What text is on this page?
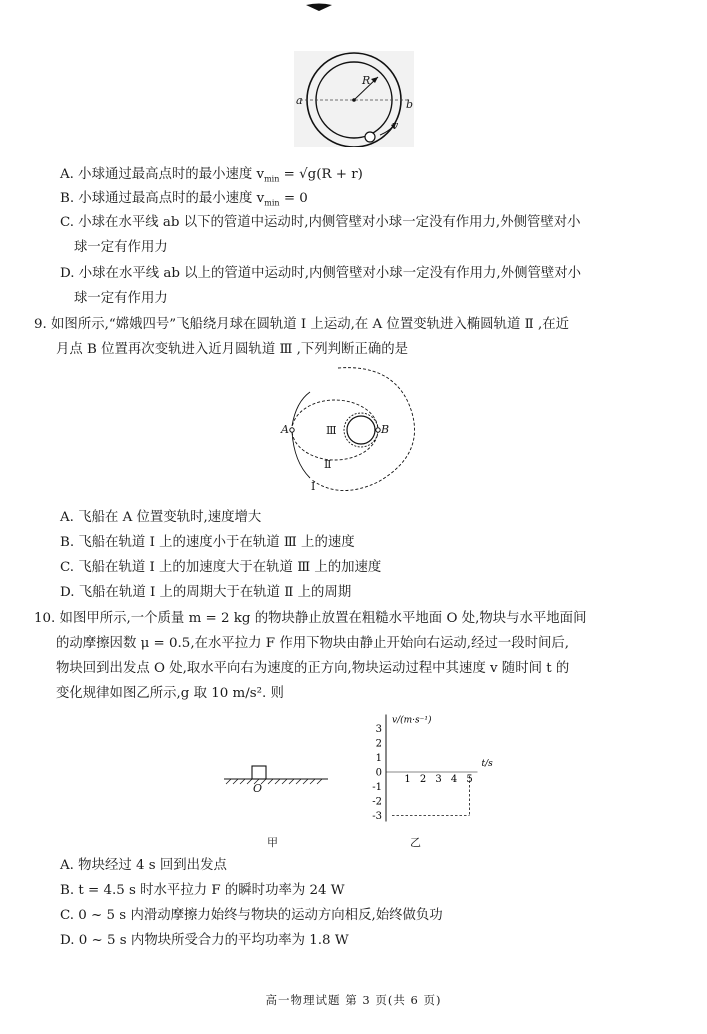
a	b
R
v
A. 小球通过最高点时的最小速度 $v_{min} = √g(R + r)$
B. 小球通过最高点时的最小速度 $v_{min} = 0$
C. 小球在水平线 ab 以下的管道中运动时,内侧管壁对小球一定没有作用力,外侧管壁对小
球一定有作用力
D. 小球在水平线 ab 以上的管道中运动时,内侧管壁对小球一定没有作用力,外侧管壁对小
球一定有作用力
9. 如图所示,“嫦娥四号”飞船绕月球在圆轨道 Ⅰ 上运动,在 A 位置变轨进入椭圆轨道 Ⅱ ,在近
月点 B 位置再次变轨进入近月圆轨道 Ⅲ ,下列判断正确的是
A	B
Ⅲ
Ⅱ
Ⅰ
A. 飞船在 A 位置变轨时,速度增大
B. 飞船在轨道 Ⅰ 上的速度小于在轨道 Ⅲ 上的速度
C. 飞船在轨道 Ⅰ 上的加速度大于在轨道 Ⅲ 上的加速度
D. 飞船在轨道 Ⅰ 上的周期大于在轨道 Ⅱ 上的周期
10. 如图甲所示,一个质量 m = 2 kg 的物块静止放置在粗糙水平地面 O 处,物块与水平地面间
的动摩擦因数 μ = 0.5,在水平拉力 F 作用下物块由静止开始向右运动,经过一段时间后,
物块回到出发点 O 处,取水平向右为速度的正方向,物块运动过程中其速度 v 随时间 t 的
变化规律如图乙所示,g 取 10 m/s². 则
O
甲
v/(m·s⁻¹)
t/s
3
2
1
0
-1
-2
-3
1 2 3 4 5
乙
A. 物块经过 4 s 回到出发点
B. t = 4.5 s 时水平拉力 F 的瞬时功率为 24 W
C. 0 ~ 5 s 内滑动摩擦力始终与物块的运动方向相反,始终做负功
D. 0 ~ 5 s 内物块所受合力的平均功率为 1.8 W
高一物理试题 第 3 页(共 6 页)
